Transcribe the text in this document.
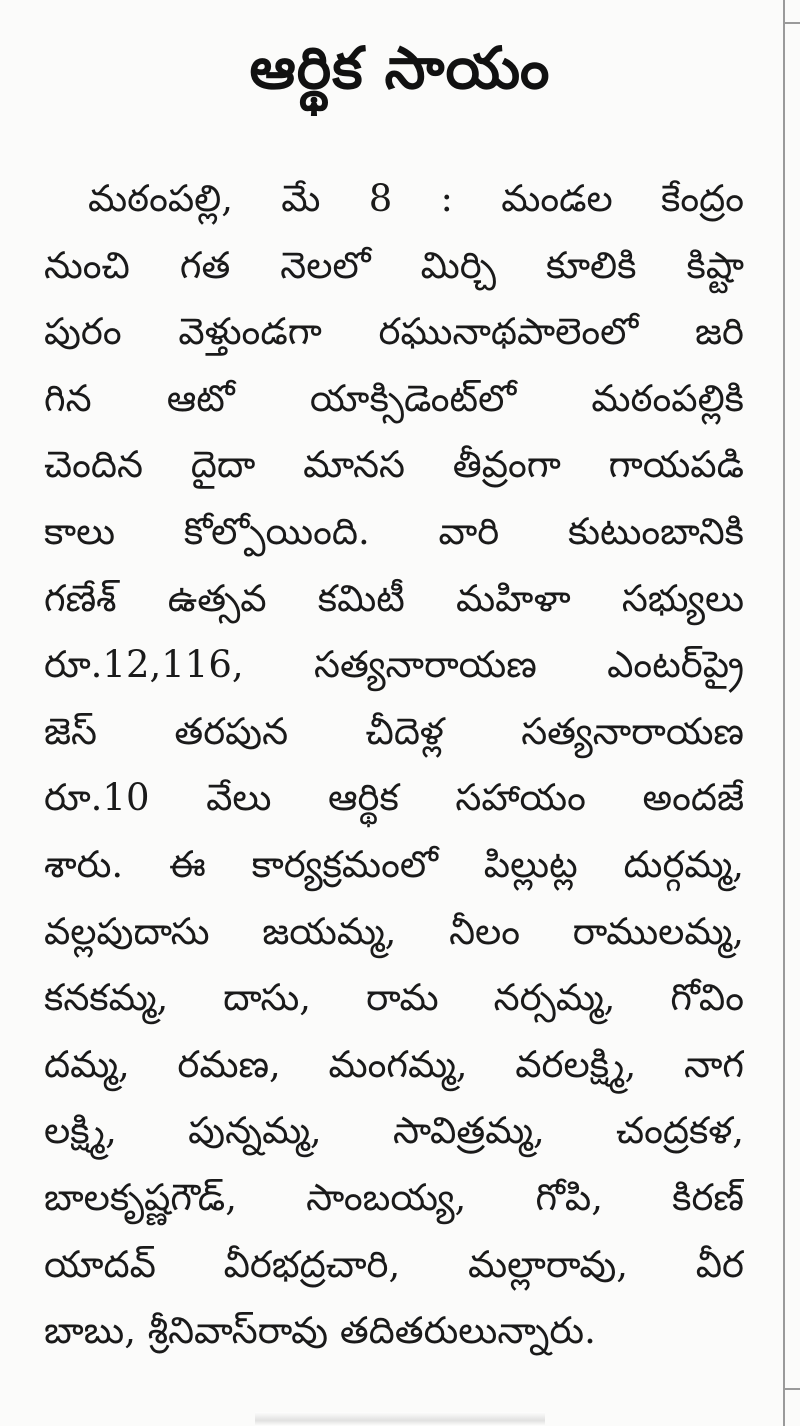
ఆర్థిక సాయం
మఠంపల్లి, మే 8 : మండల కేంద్రం
నుంచి గత నెలలో మిర్చి కూలికి కిష్టా
పురం వెళ్తుండగా రఘునాథపాలెంలో జరి
గిన ఆటో యాక్సిడెంట్‌లో మఠంపల్లికి
చెందిన దైదా మానస తీవ్రంగా గాయపడి
కాలు కోల్పోయింది. వారి కుటుంబానికి
గణేశ్ ఉత్సవ కమిటీ మహిళా సభ్యులు
రూ.12,116, సత్యనారాయణ ఎంటర్‌ప్రై
జెస్ తరపున చీదెళ్ల సత్యనారాయణ
రూ.10 వేలు ఆర్థిక సహాయం అందజే
శారు. ఈ కార్యక్రమంలో పిల్లుట్ల దుర్గమ్మ,
వల్లపుదాసు జయమ్మ, నీలం రాములమ్మ,
కనకమ్మ, దాసు, రామ నర్సమ్మ, గోవిం
దమ్మ, రమణ, మంగమ్మ, వరలక్ష్మి, నాగ
లక్ష్మి, పున్నమ్మ, సావిత్రమ్మ, చంద్రకళ,
బాలకృష్ణగౌడ్, సాంబయ్య, గోపి, కిరణ్
యాదవ్ వీరభద్రచారి, మల్లారావు, వీర
బాబు, శ్రీనివాస్‌రావు తదితరులున్నారు.
